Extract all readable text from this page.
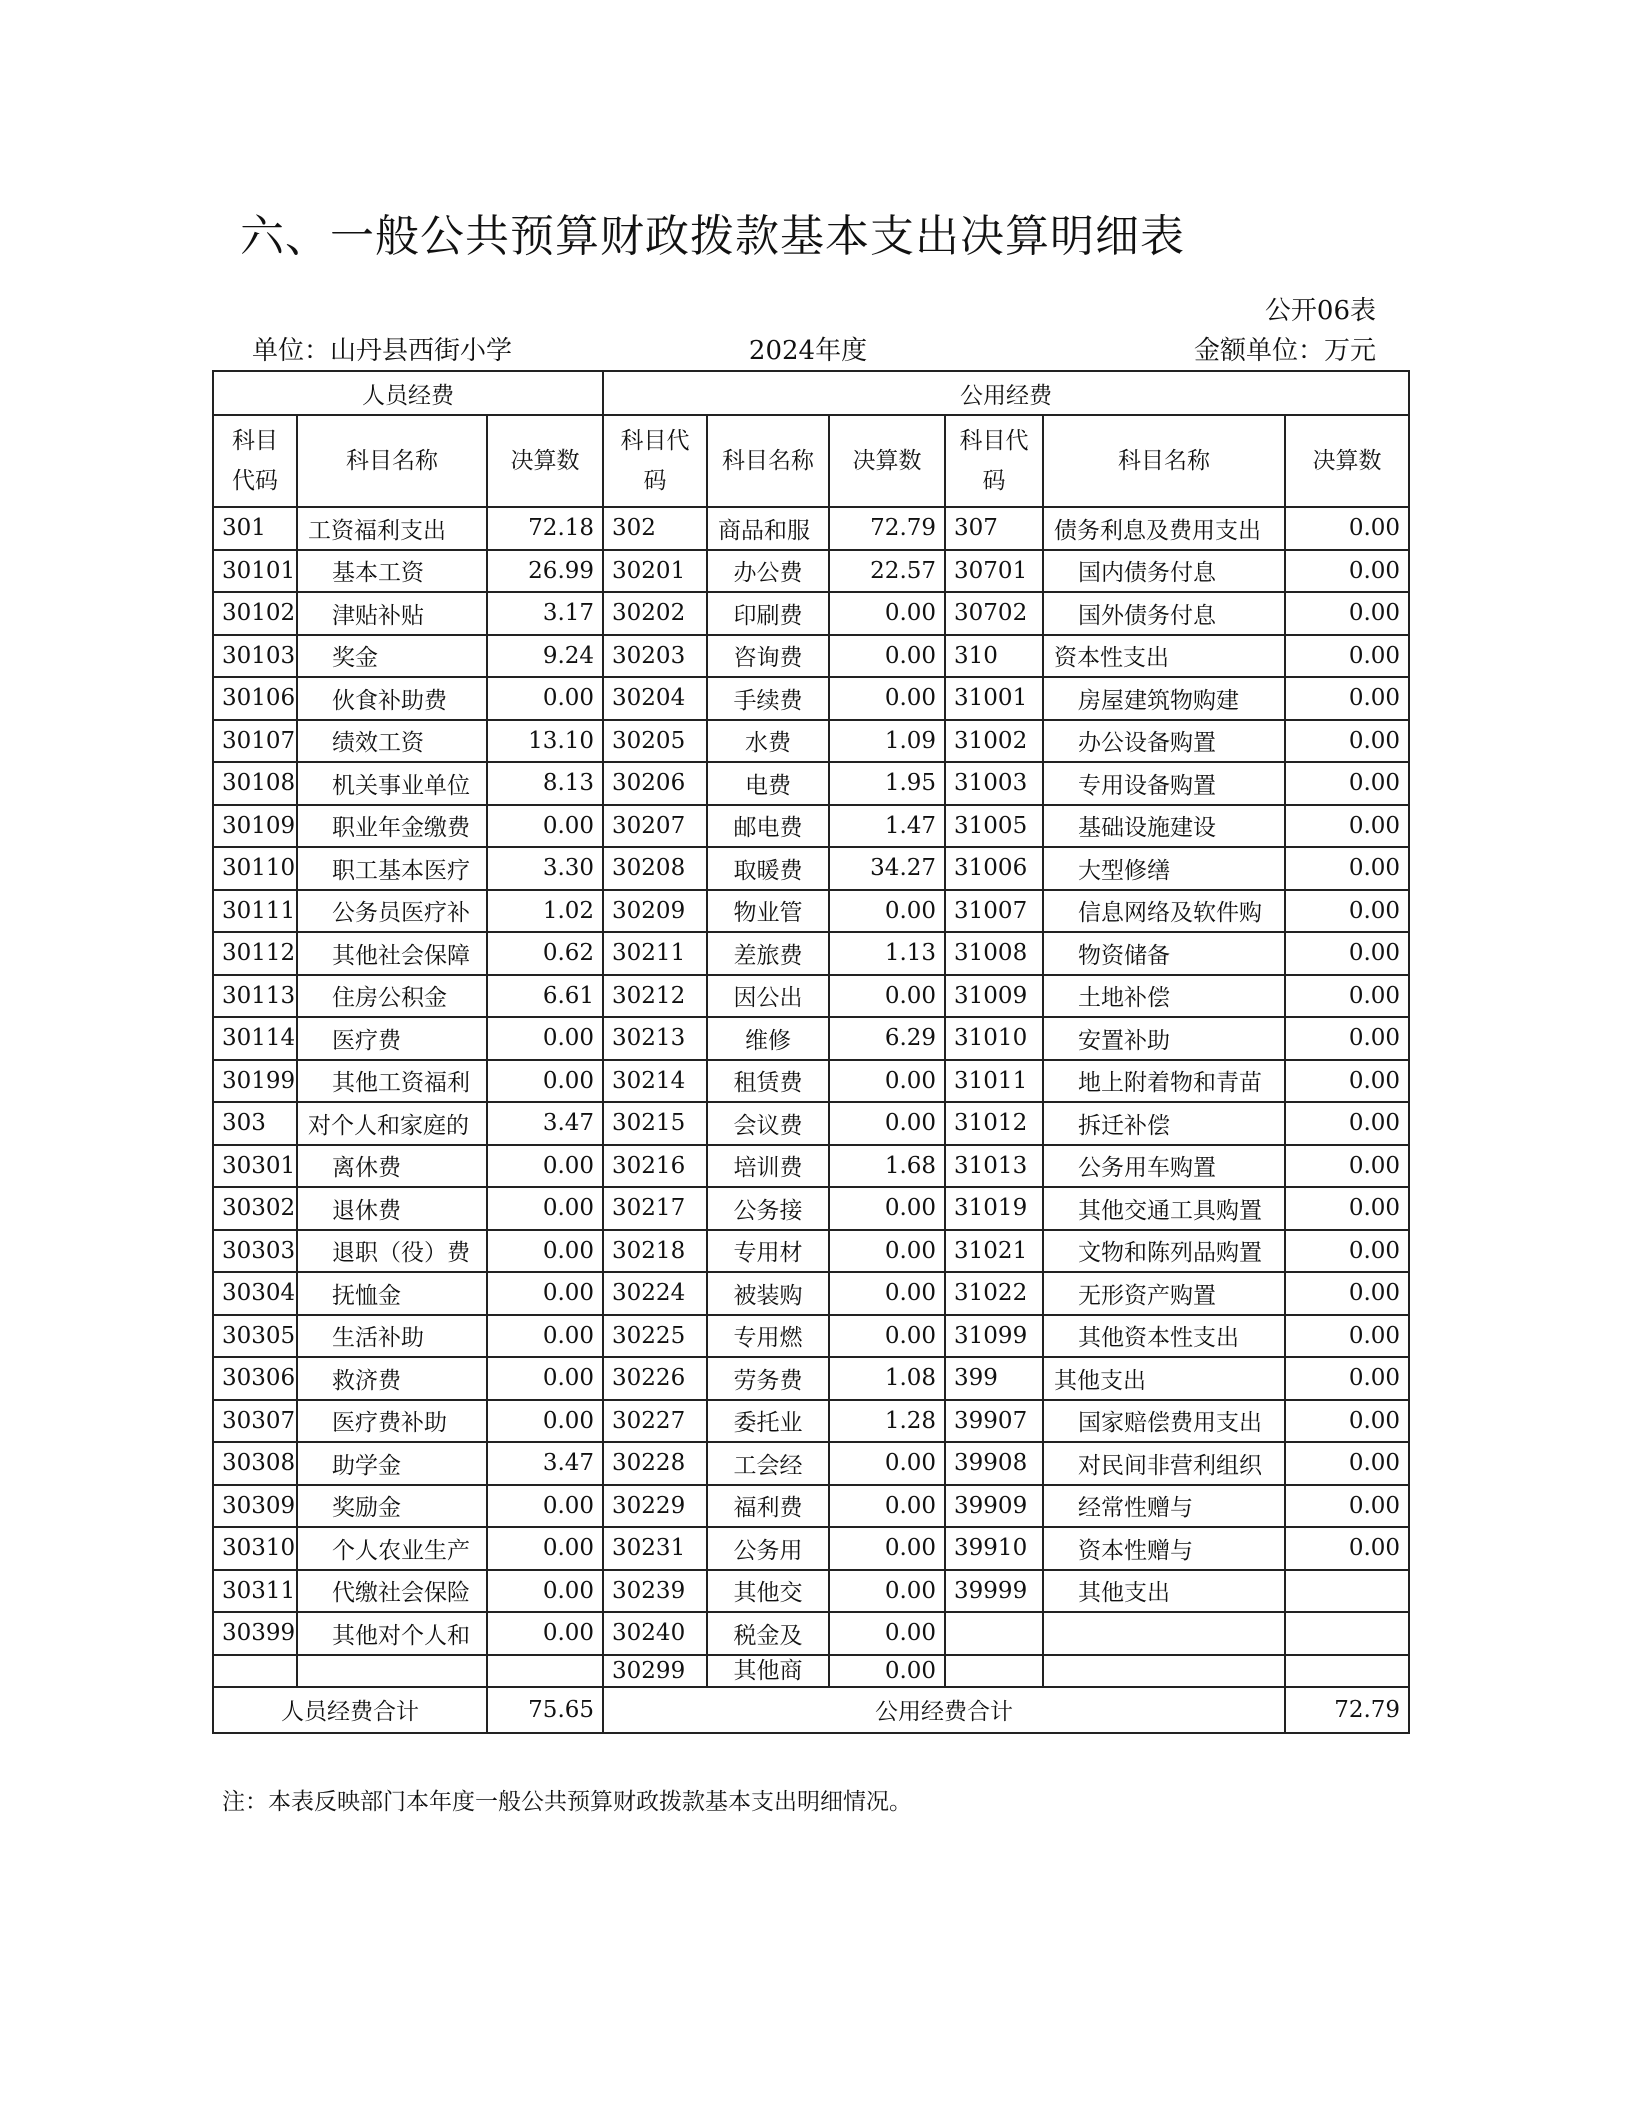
六、一般公共预算财政拨款基本支出决算明细表
公开06表
单位：山丹县西街小学	2024年度	金额单位：万元
人员经费			公用经费					
科目代码	科目名称	决算数	科目代码	科目名称	决算数	科目代码	科目名称	决算数
301	工资福利支出	72.18	302	商品和服	72.79	307	债务利息及费用支出	0.00
30101	基本工资	26.99	30201	办公费	22.57	30701	国内债务付息	0.00
30102	津贴补贴	3.17	30202	印刷费	0.00	30702	国外债务付息	0.00
30103	奖金	9.24	30203	咨询费	0.00	310	资本性支出	0.00
30106	伙食补助费	0.00	30204	手续费	0.00	31001	房屋建筑物购建	0.00
30107	绩效工资	13.10	30205	水费	1.09	31002	办公设备购置	0.00
30108	机关事业单位	8.13	30206	电费	1.95	31003	专用设备购置	0.00
30109	职业年金缴费	0.00	30207	邮电费	1.47	31005	基础设施建设	0.00
30110	职工基本医疗	3.30	30208	取暖费	34.27	31006	大型修缮	0.00
30111	公务员医疗补	1.02	30209	物业管	0.00	31007	信息网络及软件购	0.00
30112	其他社会保障	0.62	30211	差旅费	1.13	31008	物资储备	0.00
30113	住房公积金	6.61	30212	因公出	0.00	31009	土地补偿	0.00
30114	医疗费	0.00	30213	维修	6.29	31010	安置补助	0.00
30199	其他工资福利	0.00	30214	租赁费	0.00	31011	地上附着物和青苗	0.00
303	对个人和家庭的	3.47	30215	会议费	0.00	31012	拆迁补偿	0.00
30301	离休费	0.00	30216	培训费	1.68	31013	公务用车购置	0.00
30302	退休费	0.00	30217	公务接	0.00	31019	其他交通工具购置	0.00
30303	退职（役）费	0.00	30218	专用材	0.00	31021	文物和陈列品购置	0.00
30304	抚恤金	0.00	30224	被装购	0.00	31022	无形资产购置	0.00
30305	生活补助	0.00	30225	专用燃	0.00	31099	其他资本性支出	0.00
30306	救济费	0.00	30226	劳务费	1.08	399	其他支出	0.00
30307	医疗费补助	0.00	30227	委托业	1.28	39907	国家赔偿费用支出	0.00
30308	助学金	3.47	30228	工会经	0.00	39908	对民间非营利组织	0.00
30309	奖励金	0.00	30229	福利费	0.00	39909	经常性赠与	0.00
30310	个人农业生产	0.00	30231	公务用	0.00	39910	资本性赠与	0.00
30311	代缴社会保险	0.00	30239	其他交	0.00	39999	其他支出	
30399	其他对个人和	0.00	30240	税金及	0.00			
			30299	其他商	0.00			
人员经费合计		75.65	公用经费合计					72.79
注：本表反映部门本年度一般公共预算财政拨款基本支出明细情况。
